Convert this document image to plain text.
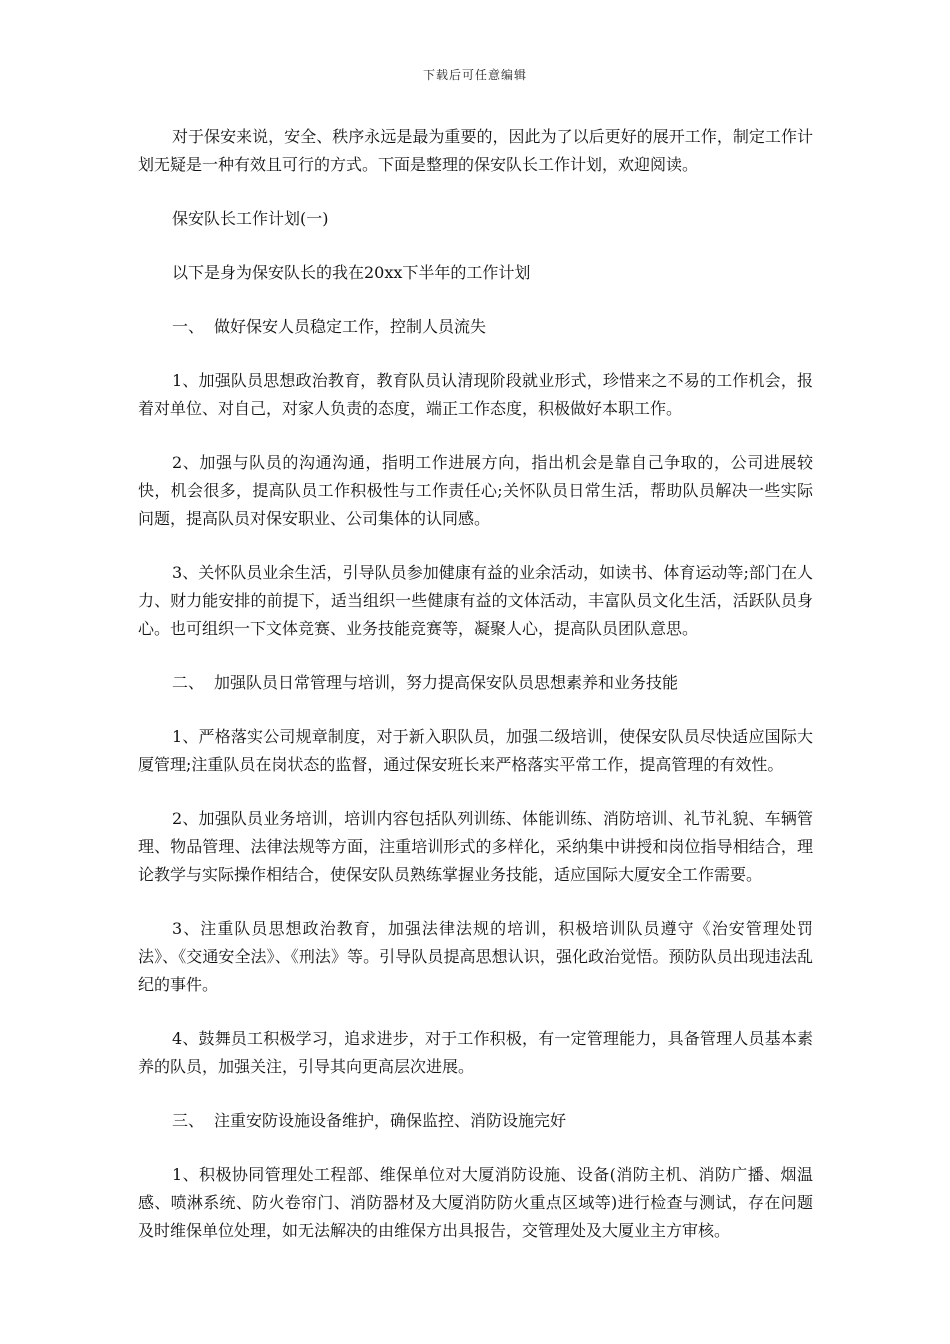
下载后可任意编辑

对于保安来说，安全、秩序永远是最为重要的，因此为了以后更好的展开工作，制定工作计划无疑是一种有效且可行的方式。下面是整理的保安队长工作计划，欢迎阅读。

保安队长工作计划(一)

以下是身为保安队长的我在20xx下半年的工作计划

一、 做好保安人员稳定工作，控制人员流失

1、加强队员思想政治教育，教育队员认清现阶段就业形式，珍惜来之不易的工作机会，报着对单位、对自己，对家人负责的态度，端正工作态度，积极做好本职工作。

2、加强与队员的沟通沟通，指明工作进展方向，指出机会是靠自己争取的，公司进展较快，机会很多，提高队员工作积极性与工作责任心;关怀队员日常生活，帮助队员解决一些实际问题，提高队员对保安职业、公司集体的认同感。

3、关怀队员业余生活，引导队员参加健康有益的业余活动，如读书、体育运动等;部门在人力、财力能安排的前提下，适当组织一些健康有益的文体活动，丰富队员文化生活，活跃队员身心。也可组织一下文体竞赛、业务技能竞赛等，凝聚人心，提高队员团队意思。

二、 加强队员日常管理与培训，努力提高保安队员思想素养和业务技能

1、严格落实公司规章制度，对于新入职队员，加强二级培训，使保安队员尽快适应国际大厦管理;注重队员在岗状态的监督，通过保安班长来严格落实平常工作，提高管理的有效性。

2、加强队员业务培训，培训内容包括队列训练、体能训练、消防培训、礼节礼貌、车辆管理、物品管理、法律法规等方面，注重培训形式的多样化，采纳集中讲授和岗位指导相结合，理论教学与实际操作相结合，使保安队员熟练掌握业务技能，适应国际大厦安全工作需要。

3、注重队员思想政治教育，加强法律法规的培训，积极培训队员遵守《治安管理处罚法》、《交通安全法》、《刑法》等。引导队员提高思想认识，强化政治觉悟。预防队员出现违法乱纪的事件。

4、鼓舞员工积极学习，追求进步，对于工作积极，有一定管理能力，具备管理人员基本素养的队员，加强关注，引导其向更高层次进展。

三、 注重安防设施设备维护，确保监控、消防设施完好

1、积极协同管理处工程部、维保单位对大厦消防设施、设备(消防主机、消防广播、烟温感、喷淋系统、防火卷帘门、消防器材及大厦消防防火重点区域等)进行检查与测试，存在问题及时维保单位处理，如无法解决的由维保方出具报告，交管理处及大厦业主方审核。
